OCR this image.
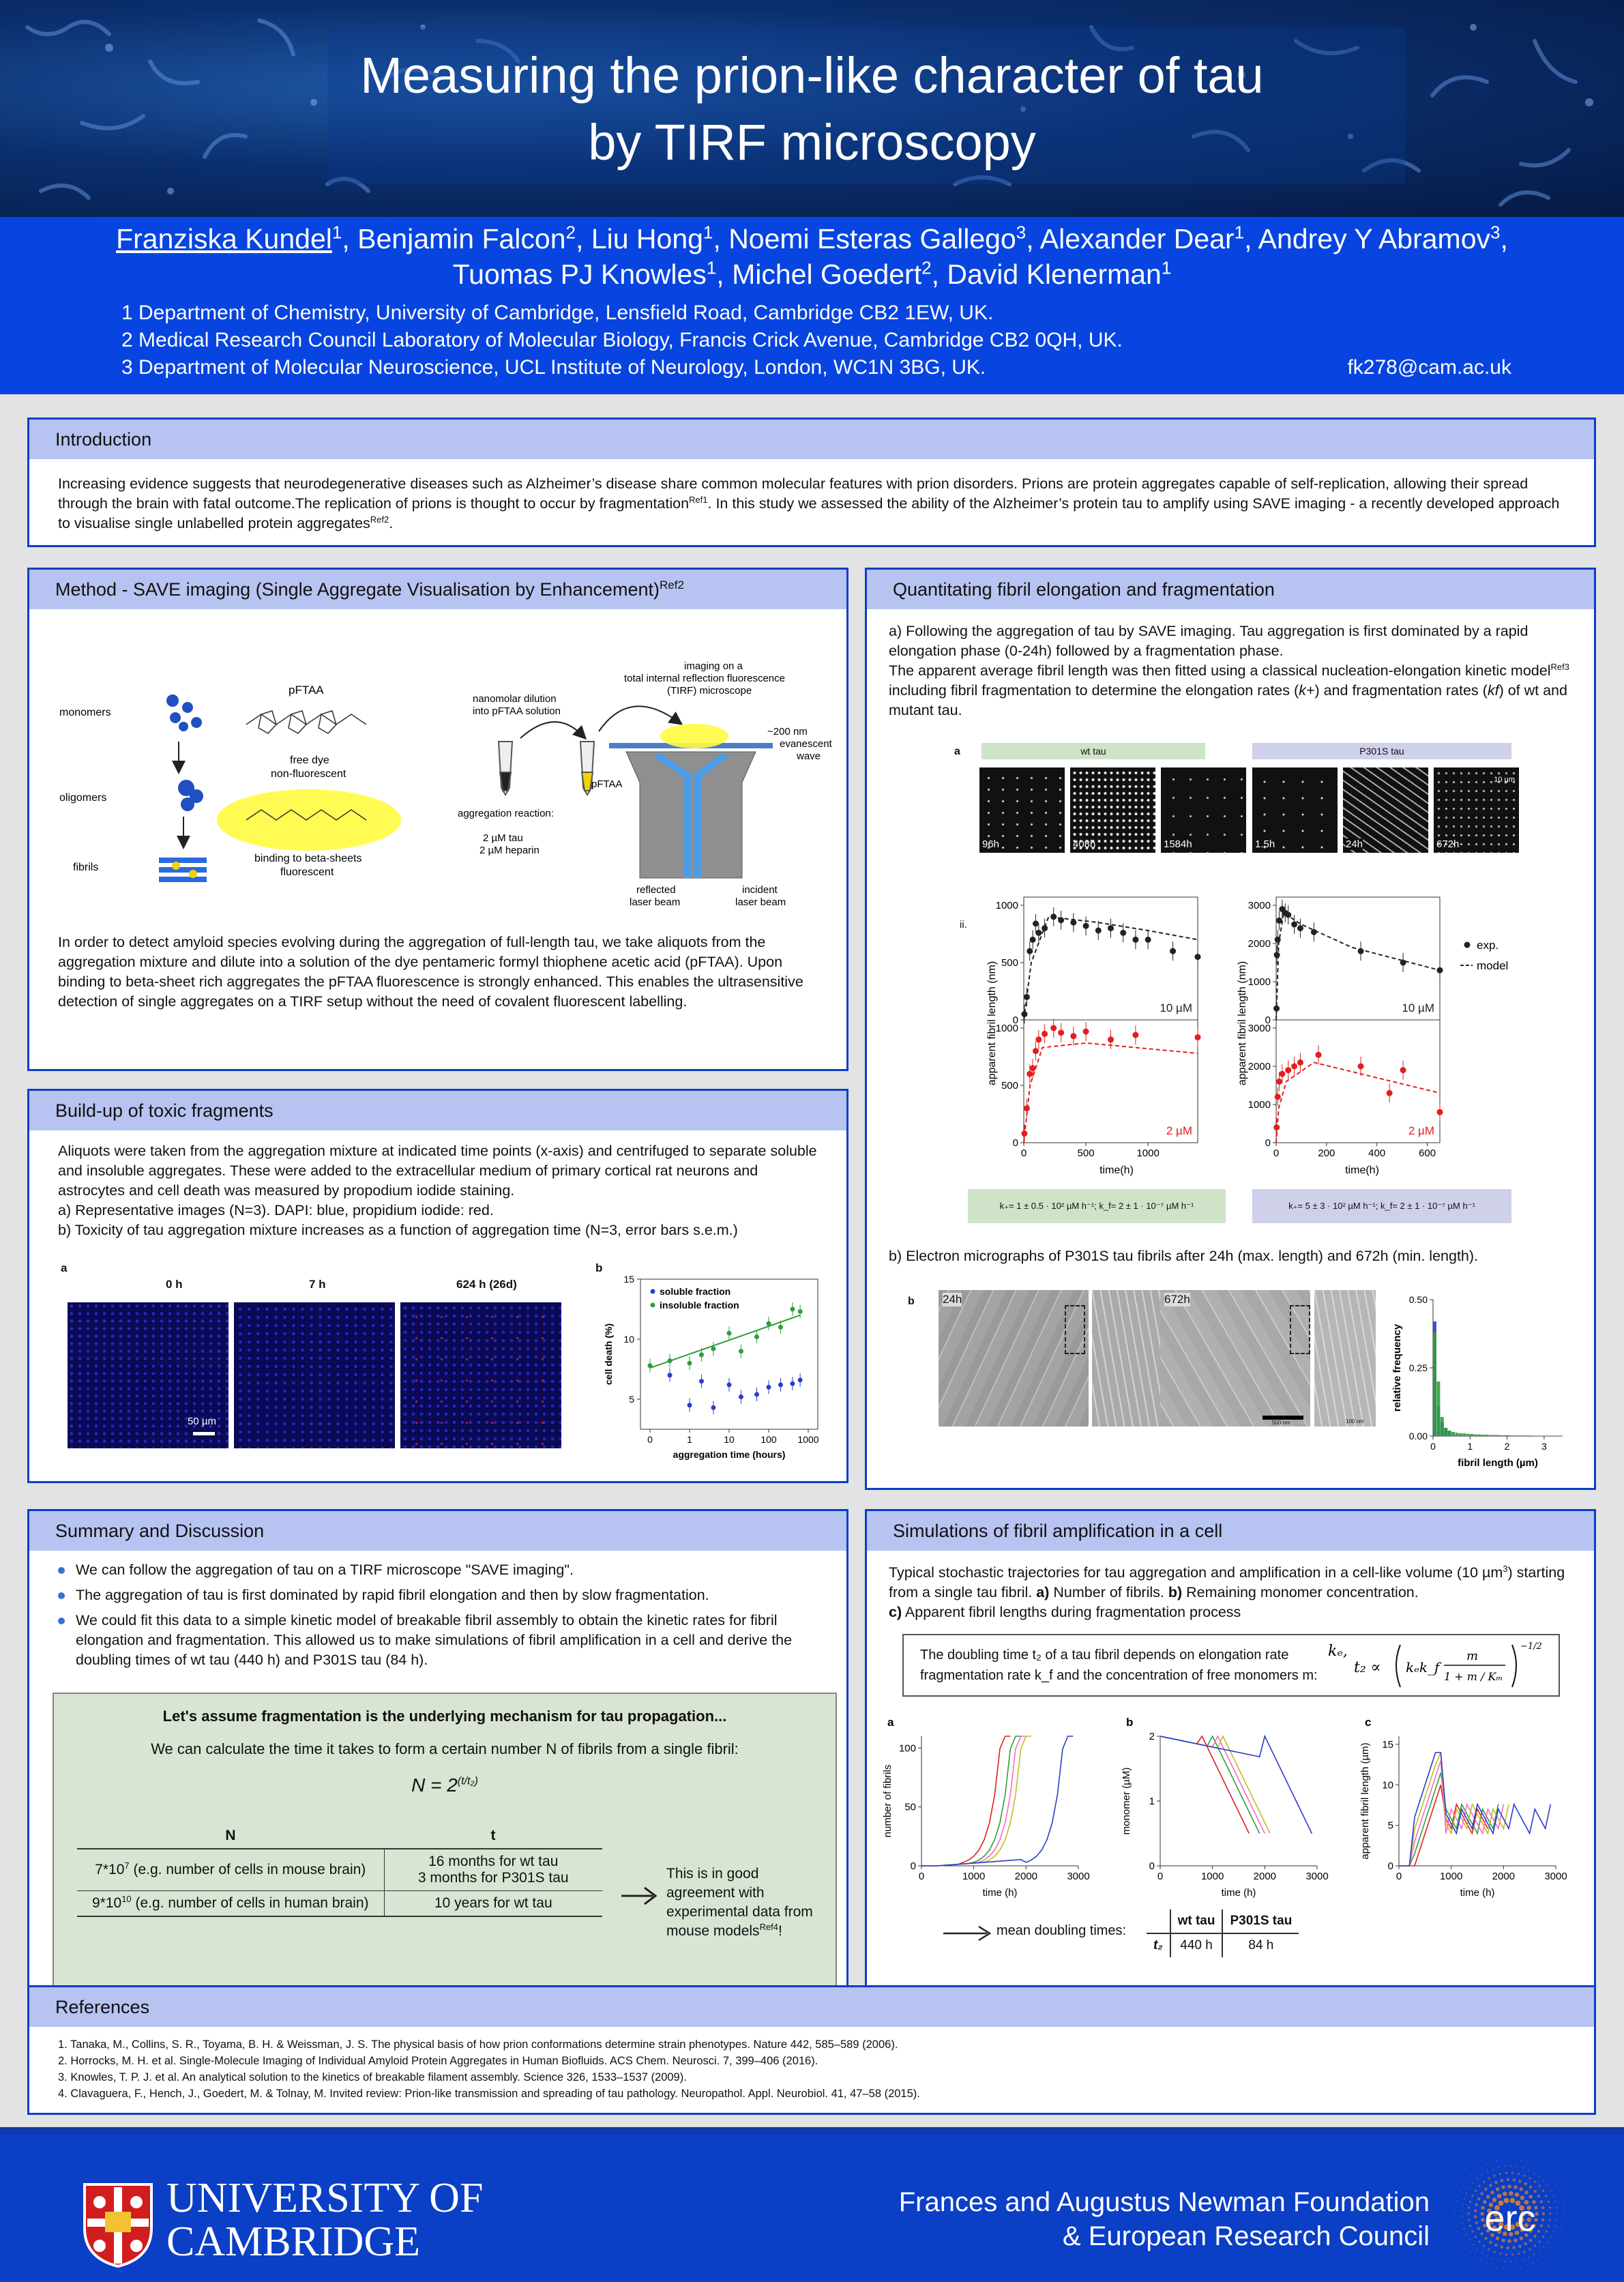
Measuring the prion-like character of tau
by TIRF microscopy
Franziska Kundel$^1$, Benjamin Falcon$^2$, Liu Hong$^1$, Noemi Esteras Gallego$^3$, Alexander Dear$^1$, Andrey Y Abramov$^3$,
Tuomas PJ Knowles$^1$, Michel Goedert$^2$, David Klenerman$^1$
1 Department of Chemistry, University of Cambridge, Lensfield Road, Cambridge CB2 1EW, UK.
2 Medical Research Council Laboratory of Molecular Biology, Francis Crick Avenue, Cambridge CB2 0QH, UK.
3 Department of Molecular Neuroscience, UCL Institute of Neurology, London, WC1N 3BG, UK.	fk278@cam.ac.uk
Introduction
Increasing evidence suggests that neurodegenerative diseases such as Alzheimer’s disease share common molecular features with prion disorders. Prions are protein aggregates capable of self-replication, allowing their spread through the brain with fatal outcome.The replication of prions is thought to occur by fragmentation$^{Ref1}$. In this study we assessed the ability of the Alzheimer’s protein tau to amplify using SAVE imaging - a recently developed approach to visualise single unlabelled protein aggregates$^{Ref2}$.
Method - SAVE imaging (Single Aggregate Visualisation by Enhancement)$^{Ref2}$
monomers
oligomers
fibrils
pFTAA
free dye
non-fluorescent
binding to beta-sheets
fluorescent
nanomolar dilution
into pFTAA solution
pFTAA
aggregation reaction:
2 µM tau
2 µM heparin
imaging on a
total internal reflection fluorescence
(TIRF) microscope
~200 nm
evanescent
wave
reflected
laser beam
incident
laser beam
In order to detect amyloid species evolving during the aggregation of full-length tau, we take aliquots from the aggregation mixture and dilute into a solution of the dye pentameric formyl thiophene acetic acid (pFTAA). Upon binding to beta-sheet rich aggregates the pFTAA fluorescence is strongly enhanced. This enables the ultrasensitive detection of single aggregates on a TIRF setup without the need of covalent fluorescent labelling.
Build-up of toxic fragments
Aliquots were taken from the aggregation mixture at indicated time points (x-axis) and centrifuged to separate soluble and insoluble aggregates. These were added to the extracellular medium of primary cortical rat neurons and astrocytes and cell death was measured by propodium iodide staining.
a) Representative images (N=3). DAPI: blue, propidium iodide: red.
b) Toxicity of tau aggregation mixture increases as a function of aggregation time (N=3, error bars s.e.m.)
a
0 h	7 h	624 h (26d)
50 µm
b
0	1	10	100 1000
5
10
15
aggregation time (hours)
cell death (%)
soluble fraction
insoluble fraction
Quantitating fibril elongation and fragmentation
a) Following the aggregation of tau by SAVE imaging. Tau aggregation is first dominated by a rapid elongation phase (0-24h) followed by a fragmentation phase.
The apparent average fibril length was then fitted using a classical nucleation-elongation kinetic model$^{Ref3}$ including fibril fragmentation to determine the elongation rates (k+) and fragmentation rates (kf) of wt and mutant tau.
a	wt tau	P301S tau
96h	408h	1584h	1.5h	24h	672h
10 µm
ii.
0
500
1000
10 µM
0
500
1000
0	500	1000
2 µM
0
1000
2000
3000
10 µM
exp.
model
0
1000
2000
3000
0	200	400	600
2 µM
time(h)	time(h)
apparent fibril length (nm)	apparent fibril length (nm)
k₊= 1 ± 0.5 · 10² µM h⁻¹; k_f= 2 ± 1 · 10⁻⁷ µM h⁻¹	k₊= 5 ± 3 · 10² µM h⁻¹; k_f= 2 ± 1 · 10⁻⁷ µM h⁻¹
b) Electron micrographs of P301S tau fibrils after 24h (max. length) and 672h (min. length).
b 24h	672h
500 nm	100 nm
0.00
0.25
0.50
0	1	2	3
fibril length (µm)
relative frequency
Summary and Discussion
We can follow the aggregation of tau on a TIRF microscope "SAVE imaging".
The aggregation of tau is first dominated by rapid fibril elongation and then by slow fragmentation.
We could fit this data to a simple kinetic model of breakable fibril assembly to obtain the kinetic rates for fibril elongation and fragmentation. This allowed us to make simulations of fibril amplification in a cell and derive the doubling times of wt tau (440 h) and P301S tau (84 h).
Let's assume fragmentation is the underlying mechanism for tau propagation...
We can calculate the time it takes to form a certain number N of fibrils from a single fibril:
$N = 2^{(t/t_2)}$
N	t
$7*10^7$ (e.g. number of cells in mouse brain)	16 months for wt tau
3 months for P301S tau

$9*10^{10}$ (e.g. number of cells in human brain)	10 years for wt tau
This is in good agreement with experimental data from mouse models$^{Ref4}$!
Simulations of fibril amplification in a cell
Typical stochastic trajectories for tau aggregation and amplification in a cell-like volume (10 µm$^3$) starting from a single tau fibril. a) Number of fibrils. b) Remaining monomer concentration.
c) Apparent fibril lengths during fragmentation process
The doubling time t₂ of a tau fibril depends on elongation rate
fragmentation rate k_f and the concentration of free monomers m:
kₑ,
t₂ ∝ kₑk_f
m
1 + m / Kₘ
−1/2
a
0
50
100
0	1000	2000	3000
time (h)
number of fibrils
b
0
1
2
0	1000	2000	3000
time (h)
monomer (µM)
c
0
5
10
15
0	1000	2000	3000
time (h)
apparent fibril length (µm)
mean doubling times:
	wt tau	P301S tau
t₂	440 h	84 h
References
1. Tanaka, M., Collins, S. R., Toyama, B. H. & Weissman, J. S. The physical basis of how prion conformations determine strain phenotypes. Nature 442, 585–589 (2006).
2. Horrocks, M. H. et al. Single-Molecule Imaging of Individual Amyloid Protein Aggregates in Human Biofluids. ACS Chem. Neurosci. 7, 399–406 (2016).
3. Knowles, T. P. J. et al. An analytical solution to the kinetics of breakable filament assembly. Science 326, 1533–1537 (2009).
4. Clavaguera, F., Hench, J., Goedert, M. & Tolnay, M. Invited review: Prion-like transmission and spreading of tau pathology. Neuropathol. Appl. Neurobiol. 41, 47–58 (2015).
UNIVERSITY OF
CAMBRIDGE
Frances and Augustus Newman Foundation
& European Research Council erc
